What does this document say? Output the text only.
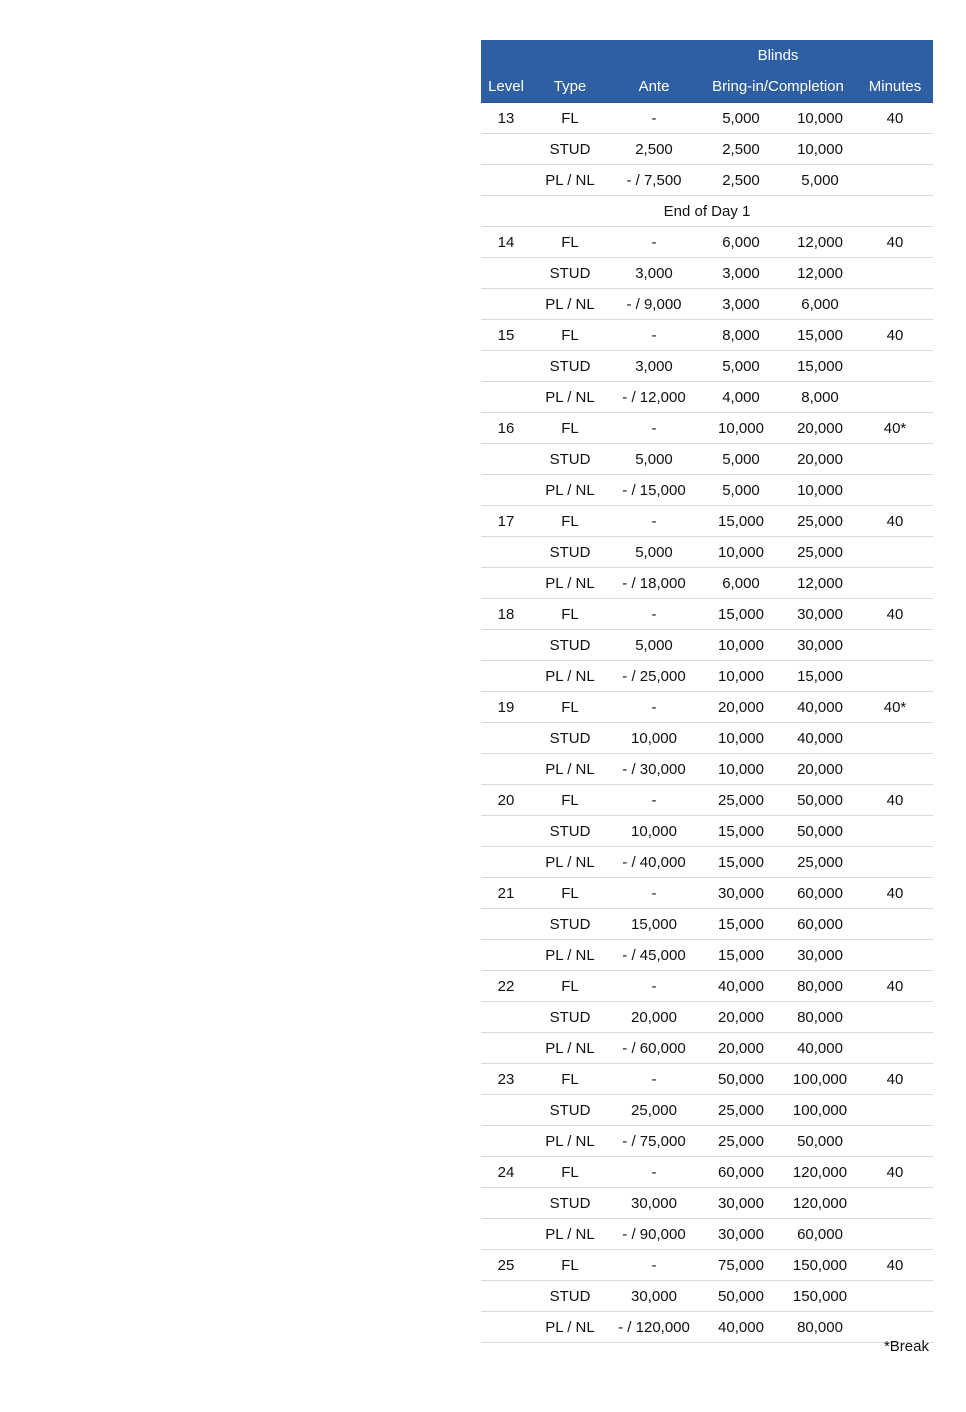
			Blinds		
Level	Type	Ante	Bring-in/Completion		Minutes
13	FL	-	5,000	10,000	40
	STUD	2,500	2,500	10,000	
	PL / NL	- / 7,500	2,500	5,000	
End of Day 1					
14	FL	-	6,000	12,000	40
	STUD	3,000	3,000	12,000	
	PL / NL	- / 9,000	3,000	6,000	
15	FL	-	8,000	15,000	40
	STUD	3,000	5,000	15,000	
	PL / NL	- / 12,000	4,000	8,000	
16	FL	-	10,000	20,000	40*
	STUD	5,000	5,000	20,000	
	PL / NL	- / 15,000	5,000	10,000	
17	FL	-	15,000	25,000	40
	STUD	5,000	10,000	25,000	
	PL / NL	- / 18,000	6,000	12,000	
18	FL	-	15,000	30,000	40
	STUD	5,000	10,000	30,000	
	PL / NL	- / 25,000	10,000	15,000	
19	FL	-	20,000	40,000	40*
	STUD	10,000	10,000	40,000	
	PL / NL	- / 30,000	10,000	20,000	
20	FL	-	25,000	50,000	40
	STUD	10,000	15,000	50,000	
	PL / NL	- / 40,000	15,000	25,000	
21	FL	-	30,000	60,000	40
	STUD	15,000	15,000	60,000	
	PL / NL	- / 45,000	15,000	30,000	
22	FL	-	40,000	80,000	40
	STUD	20,000	20,000	80,000	
	PL / NL	- / 60,000	20,000	40,000	
23	FL	-	50,000	100,000	40
	STUD	25,000	25,000	100,000	
	PL / NL	- / 75,000	25,000	50,000	
24	FL	-	60,000	120,000	40
	STUD	30,000	30,000	120,000	
	PL / NL	- / 90,000	30,000	60,000	
25	FL	-	75,000	150,000	40
	STUD	30,000	50,000	150,000	
	PL / NL	- / 120,000	40,000	80,000	
*Break
